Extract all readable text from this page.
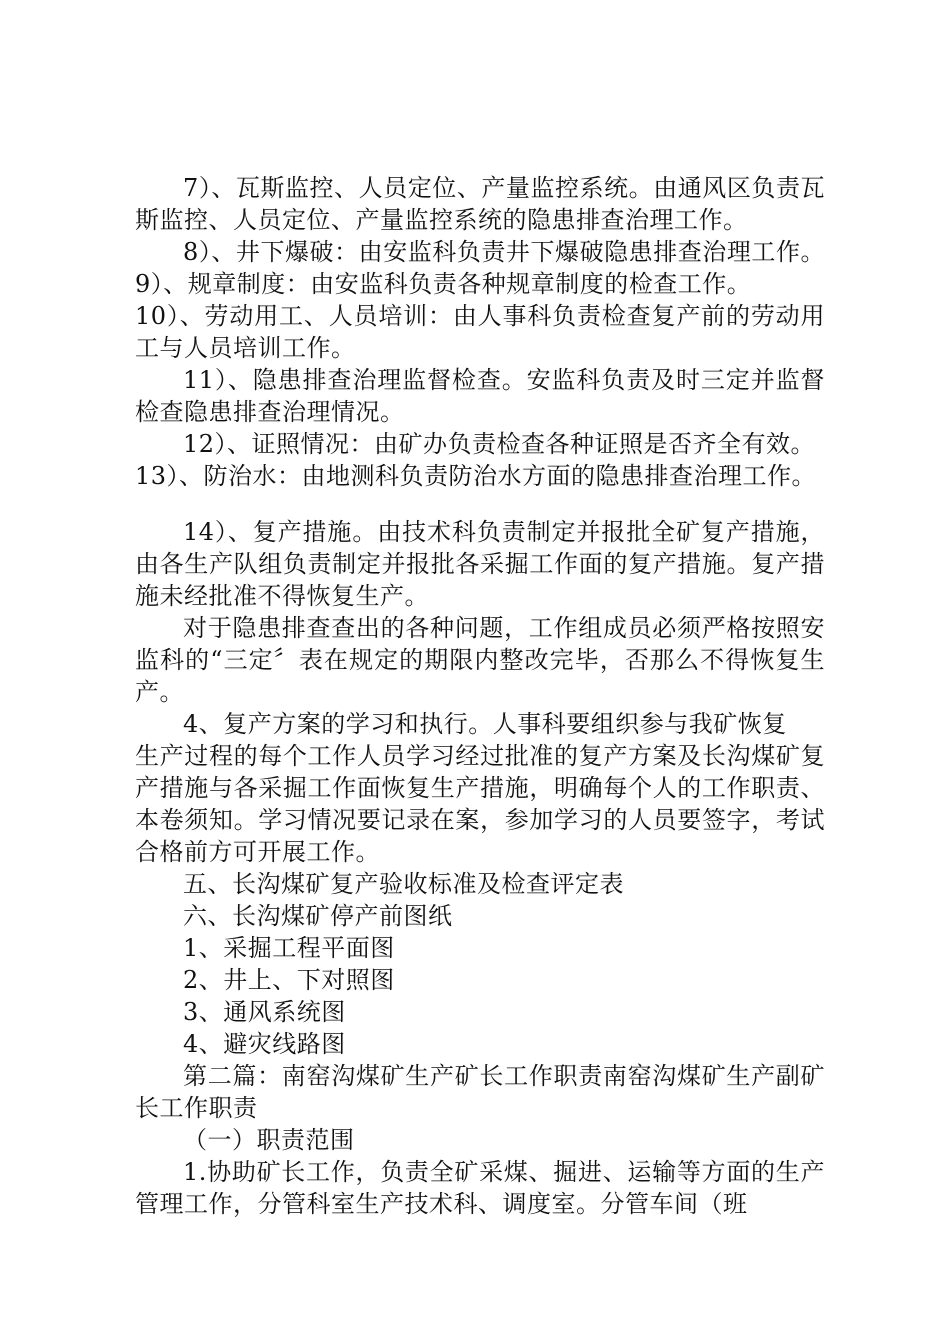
7）、瓦斯监控、人员定位、产量监控系统。由通风区负责瓦斯监控、人员定位、产量监控系统的隐患排查治理工作。

8）、井下爆破：由安监科负责井下爆破隐患排查治理工作。9）、规章制度：由安监科负责各种规章制度的检查工作。

10）、劳动用工、人员培训：由人事科负责检查复产前的劳动用工与人员培训工作。

11）、隐患排查治理监督检查。安监科负责及时三定并监督检查隐患排查治理情况。

12）、证照情况：由矿办负责检查各种证照是否齐全有效。

13）、防治水：由地测科负责防治水方面的隐患排查治理工作。

14）、复产措施。由技术科负责制定并报批全矿复产措施，由各生产队组负责制定并报批各采掘工作面的复产措施。复产措施未经批准不得恢复生产。

对于隐患排查查出的各种问题，工作组成员必须严格按照安监科的“三定〞表在规定的期限内整改完毕，否那么不得恢复生产。

4、复产方案的学习和执行。人事科要组织参与我矿恢复

生产过程的每个工作人员学习经过批准的复产方案及长沟煤矿复产措施与各采掘工作面恢复生产措施，明确每个人的工作职责、本卷须知。学习情况要记录在案，参加学习的人员要签字，考试合格前方可开展工作。

五、长沟煤矿复产验收标准及检查评定表

六、长沟煤矿停产前图纸

1、采掘工程平面图

2、井上、下对照图

3、通风系统图

4、避灾线路图

第二篇：南窑沟煤矿生产矿长工作职责南窑沟煤矿生产副矿长工作职责

（一）职责范围

1.协助矿长工作，负责全矿采煤、掘进、运输等方面的生产管理工作，分管科室生产技术科、调度室。分管车间（班
